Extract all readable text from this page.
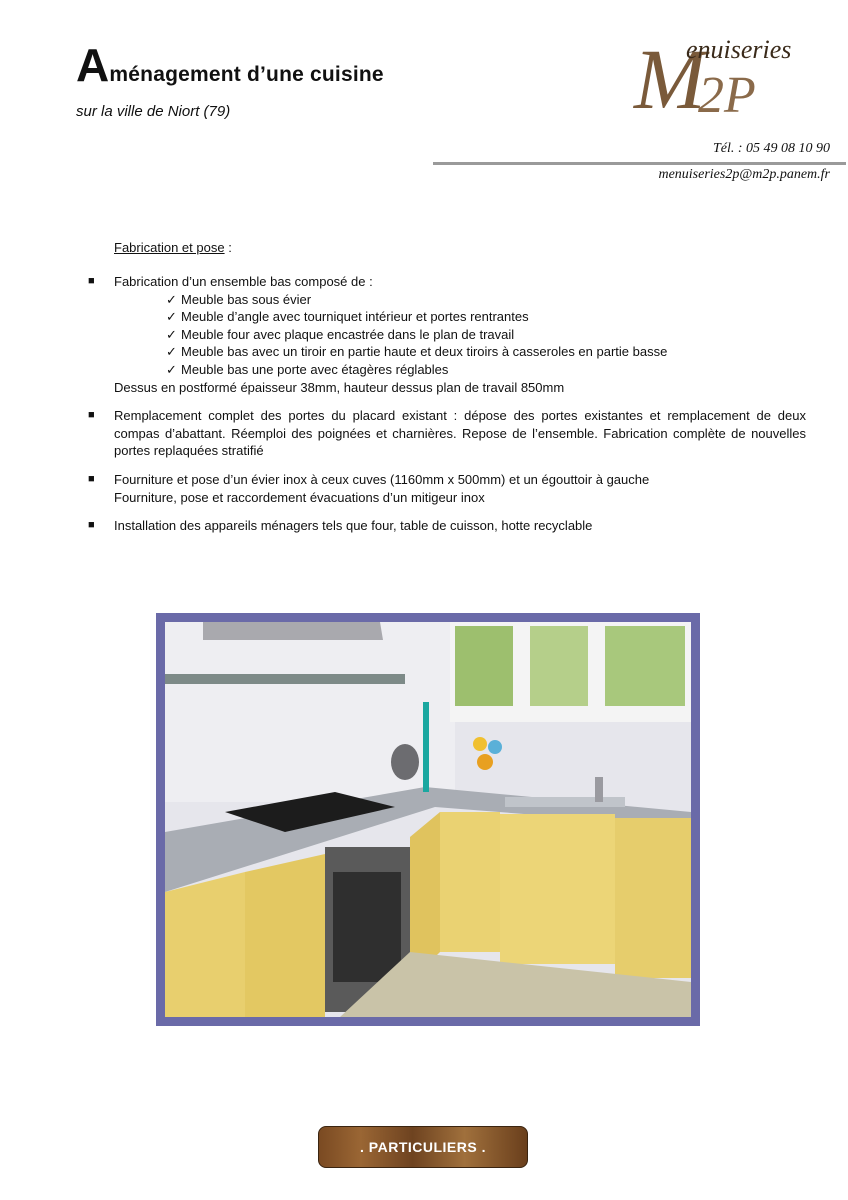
Aménagement d’une cuisine
sur la ville de Niort (79)	M
enuiseries
2P
Tél. : 05 49 08 10 90
menuiseries2p@m2p.panem.fr
Fabrication et pose :
■ Fabrication d’un ensemble bas composé de :

✓ Meuble bas sous évier
✓ Meuble d’angle avec tourniquet intérieur et portes rentrantes
✓ Meuble four avec plaque encastrée dans le plan de travail
✓ Meuble bas avec un tiroir en partie haute et deux tiroirs à casseroles en partie basse
✓ Meuble bas une porte avec étagères réglables

Dessus en postformé épaisseur 38mm, hauteur dessus plan de travail 850mm

■ Remplacement complet des portes du placard existant : dépose des portes existantes et remplacement de deux compas d’abattant. Réemploi des poignées et charnières. Repose de l’ensemble. Fabrication complète de nouvelles portes replaquées stratifié

■ Fourniture et pose d’un évier inox à ceux cuves (1160mm x 500mm) et un égouttoir à gauche

Fourniture, pose et raccordement évacuations d’un mitigeur inox

■ Installation des appareils ménagers tels que four, table de cuisson, hotte recyclable

. PARTICULIERS .
